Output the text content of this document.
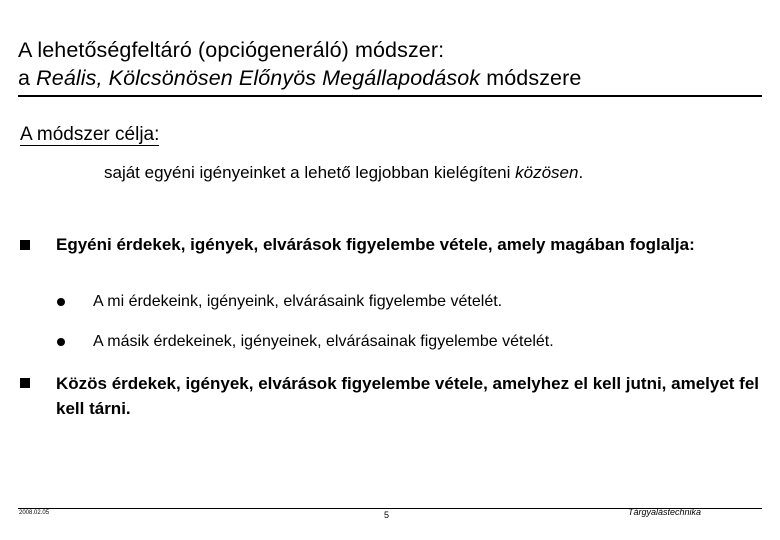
A lehetőségfeltáró (opciógeneráló) módszer:
a Reális, Kölcsönösen Előnyös Megállapodások módszere
A módszer célja:
saját egyéni igényeinket a lehető legjobban kielégíteni közösen.
Egyéni érdekek, igények, elvárások figyelembe vétele, amely magában foglalja:
A mi érdekeink, igényeink, elvárásaink figyelembe vételét.
A másik érdekeinek, igényeinek, elvárásainak figyelembe vételét.
Közös érdekek, igények, elvárások figyelembe vétele, amelyhez el kell jutni, amelyet fel kell tárni.
2008.02.05	5	Tárgyalástechnika
